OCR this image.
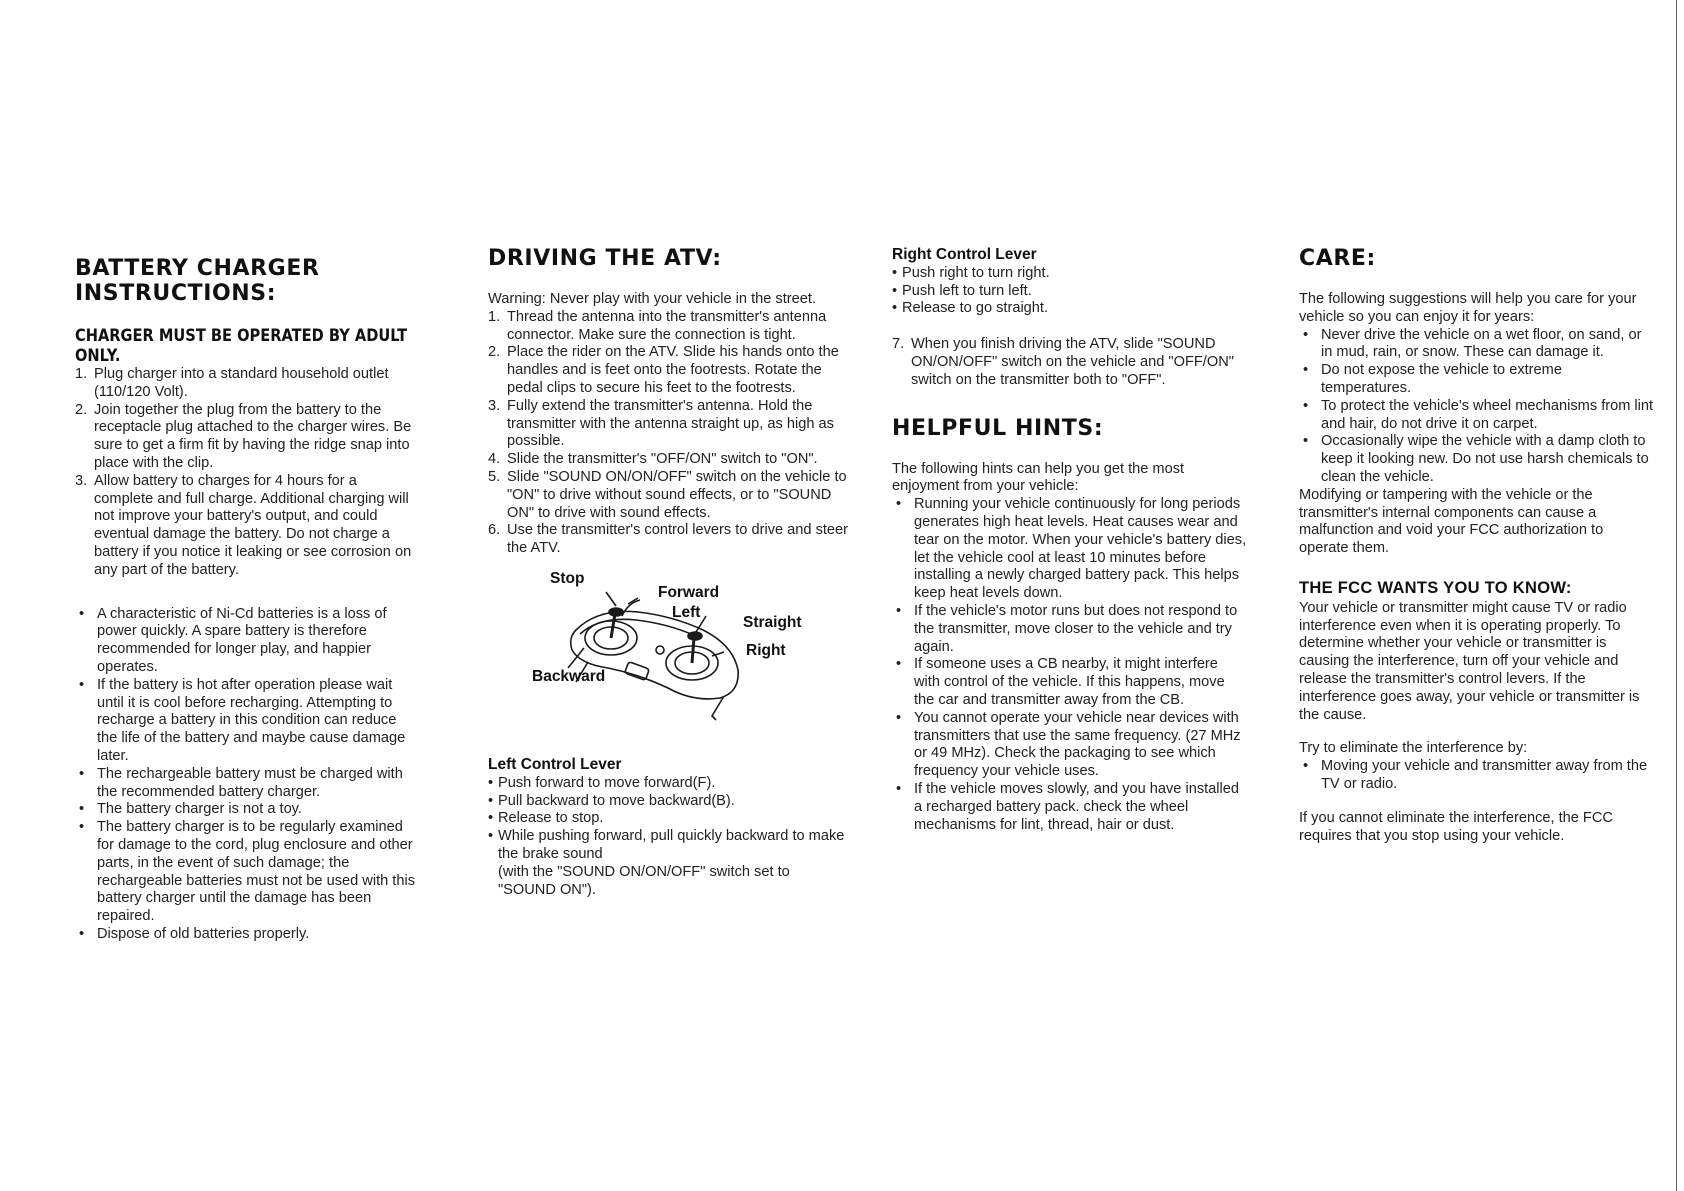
BATTERY CHARGER INSTRUCTIONS:
CHARGER MUST BE OPERATED BY ADULT ONLY.
1. Plug charger into a standard household outlet (110/120 Volt).
2. Join together the plug from the battery to the receptacle plug attached to the charger wires. Be sure to get a firm fit by having the ridge snap into place with the clip.
3. Allow battery to charges for 4 hours for a complete and full charge. Additional charging will not improve your battery's output, and could eventual damage the battery. Do not charge a battery if you notice it leaking or see corrosion on any part of the battery.
• A characteristic of Ni-Cd batteries is a loss of power quickly. A spare battery is therefore recommended for longer play, and happier operates.
• If the battery is hot after operation please wait until it is cool before recharging. Attempting to recharge a battery in this condition can reduce the life of the battery and maybe cause damage later.
• The rechargeable battery must be charged with the recommended battery charger.
• The battery charger is not a toy.
• The battery charger is to be regularly examined for damage to the cord, plug enclosure and other parts, in the event of such damage; the rechargeable batteries must not be used with this battery charger until the damage has been repaired.
• Dispose of old batteries properly.
DRIVING THE ATV:

Warning: Never play with your vehicle in the street.

1. Thread the antenna into the transmitter's antenna connector. Make sure the connection is tight.
2. Place the rider on the ATV. Slide his hands onto the handles and is feet onto the footrests. Rotate the pedal clips to secure his feet to the footrests.
3. Fully extend the transmitter's antenna. Hold the transmitter with the antenna straight up, as high as possible.
4. Slide the transmitter's "OFF/ON" switch to "ON".
5. Slide "SOUND ON/ON/OFF" switch on the vehicle to "ON" to drive without sound effects, or to "SOUND ON" to drive with sound effects.
6. Use the transmitter's control levers to drive and steer the ATV.
Stop
Forward
Left
Straight
Right
Backward
Left Control Lever
• Push forward to move forward(F).
• Pull backward to move backward(B).
• Release to stop.
• While pushing forward, pull quickly backward to make the brake sound

(with the "SOUND ON/ON/OFF" switch set to "SOUND ON").

Right Control Lever
• Push right to turn right.
• Push left to turn left.
• Release to go straight.
7. When you finish driving the ATV, slide "SOUND ON/ON/OFF" switch on the vehicle and "OFF/ON" switch on the transmitter both to "OFF".
HELPFUL HINTS:

The following hints can help you get the most enjoyment from your vehicle:

• Running your vehicle continuously for long periods generates high heat levels. Heat causes wear and tear on the motor. When your vehicle's battery dies, let the vehicle cool at least 10 minutes before installing a newly charged battery pack. This helps keep heat levels down.
• If the vehicle's motor runs but does not respond to the transmitter, move closer to the vehicle and try again.
• If someone uses a CB nearby, it might interfere with control of the vehicle. If this happens, move the car and transmitter away from the CB.
• You cannot operate your vehicle near devices with transmitters that use the same frequency. (27 MHz or 49 MHz). Check the packaging to see which frequency your vehicle uses.
• If the vehicle moves slowly, and you have installed a recharged battery pack. check the wheel mechanisms for lint, thread, hair or dust.
CARE:

The following suggestions will help you care for your vehicle so you can enjoy it for years:

• Never drive the vehicle on a wet floor, on sand, or in mud, rain, or snow. These can damage it.
• Do not expose the vehicle to extreme temperatures.
• To protect the vehicle's wheel mechanisms from lint and hair, do not drive it on carpet.
• Occasionally wipe the vehicle with a damp cloth to keep it looking new. Do not use harsh chemicals to clean the vehicle.

Modifying or tampering with the vehicle or the transmitter's internal components can cause a malfunction and void your FCC authorization to operate them.

THE FCC WANTS YOU TO KNOW:

Your vehicle or transmitter might cause TV or radio interference even when it is operating properly. To determine whether your vehicle or transmitter is causing the interference, turn off your vehicle and release the transmitter's control levers. If the interference goes away, your vehicle or transmitter is the cause.

Try to eliminate the interference by:

• Moving your vehicle and transmitter away from the TV or radio.

If you cannot eliminate the interference, the FCC requires that you stop using your vehicle.
